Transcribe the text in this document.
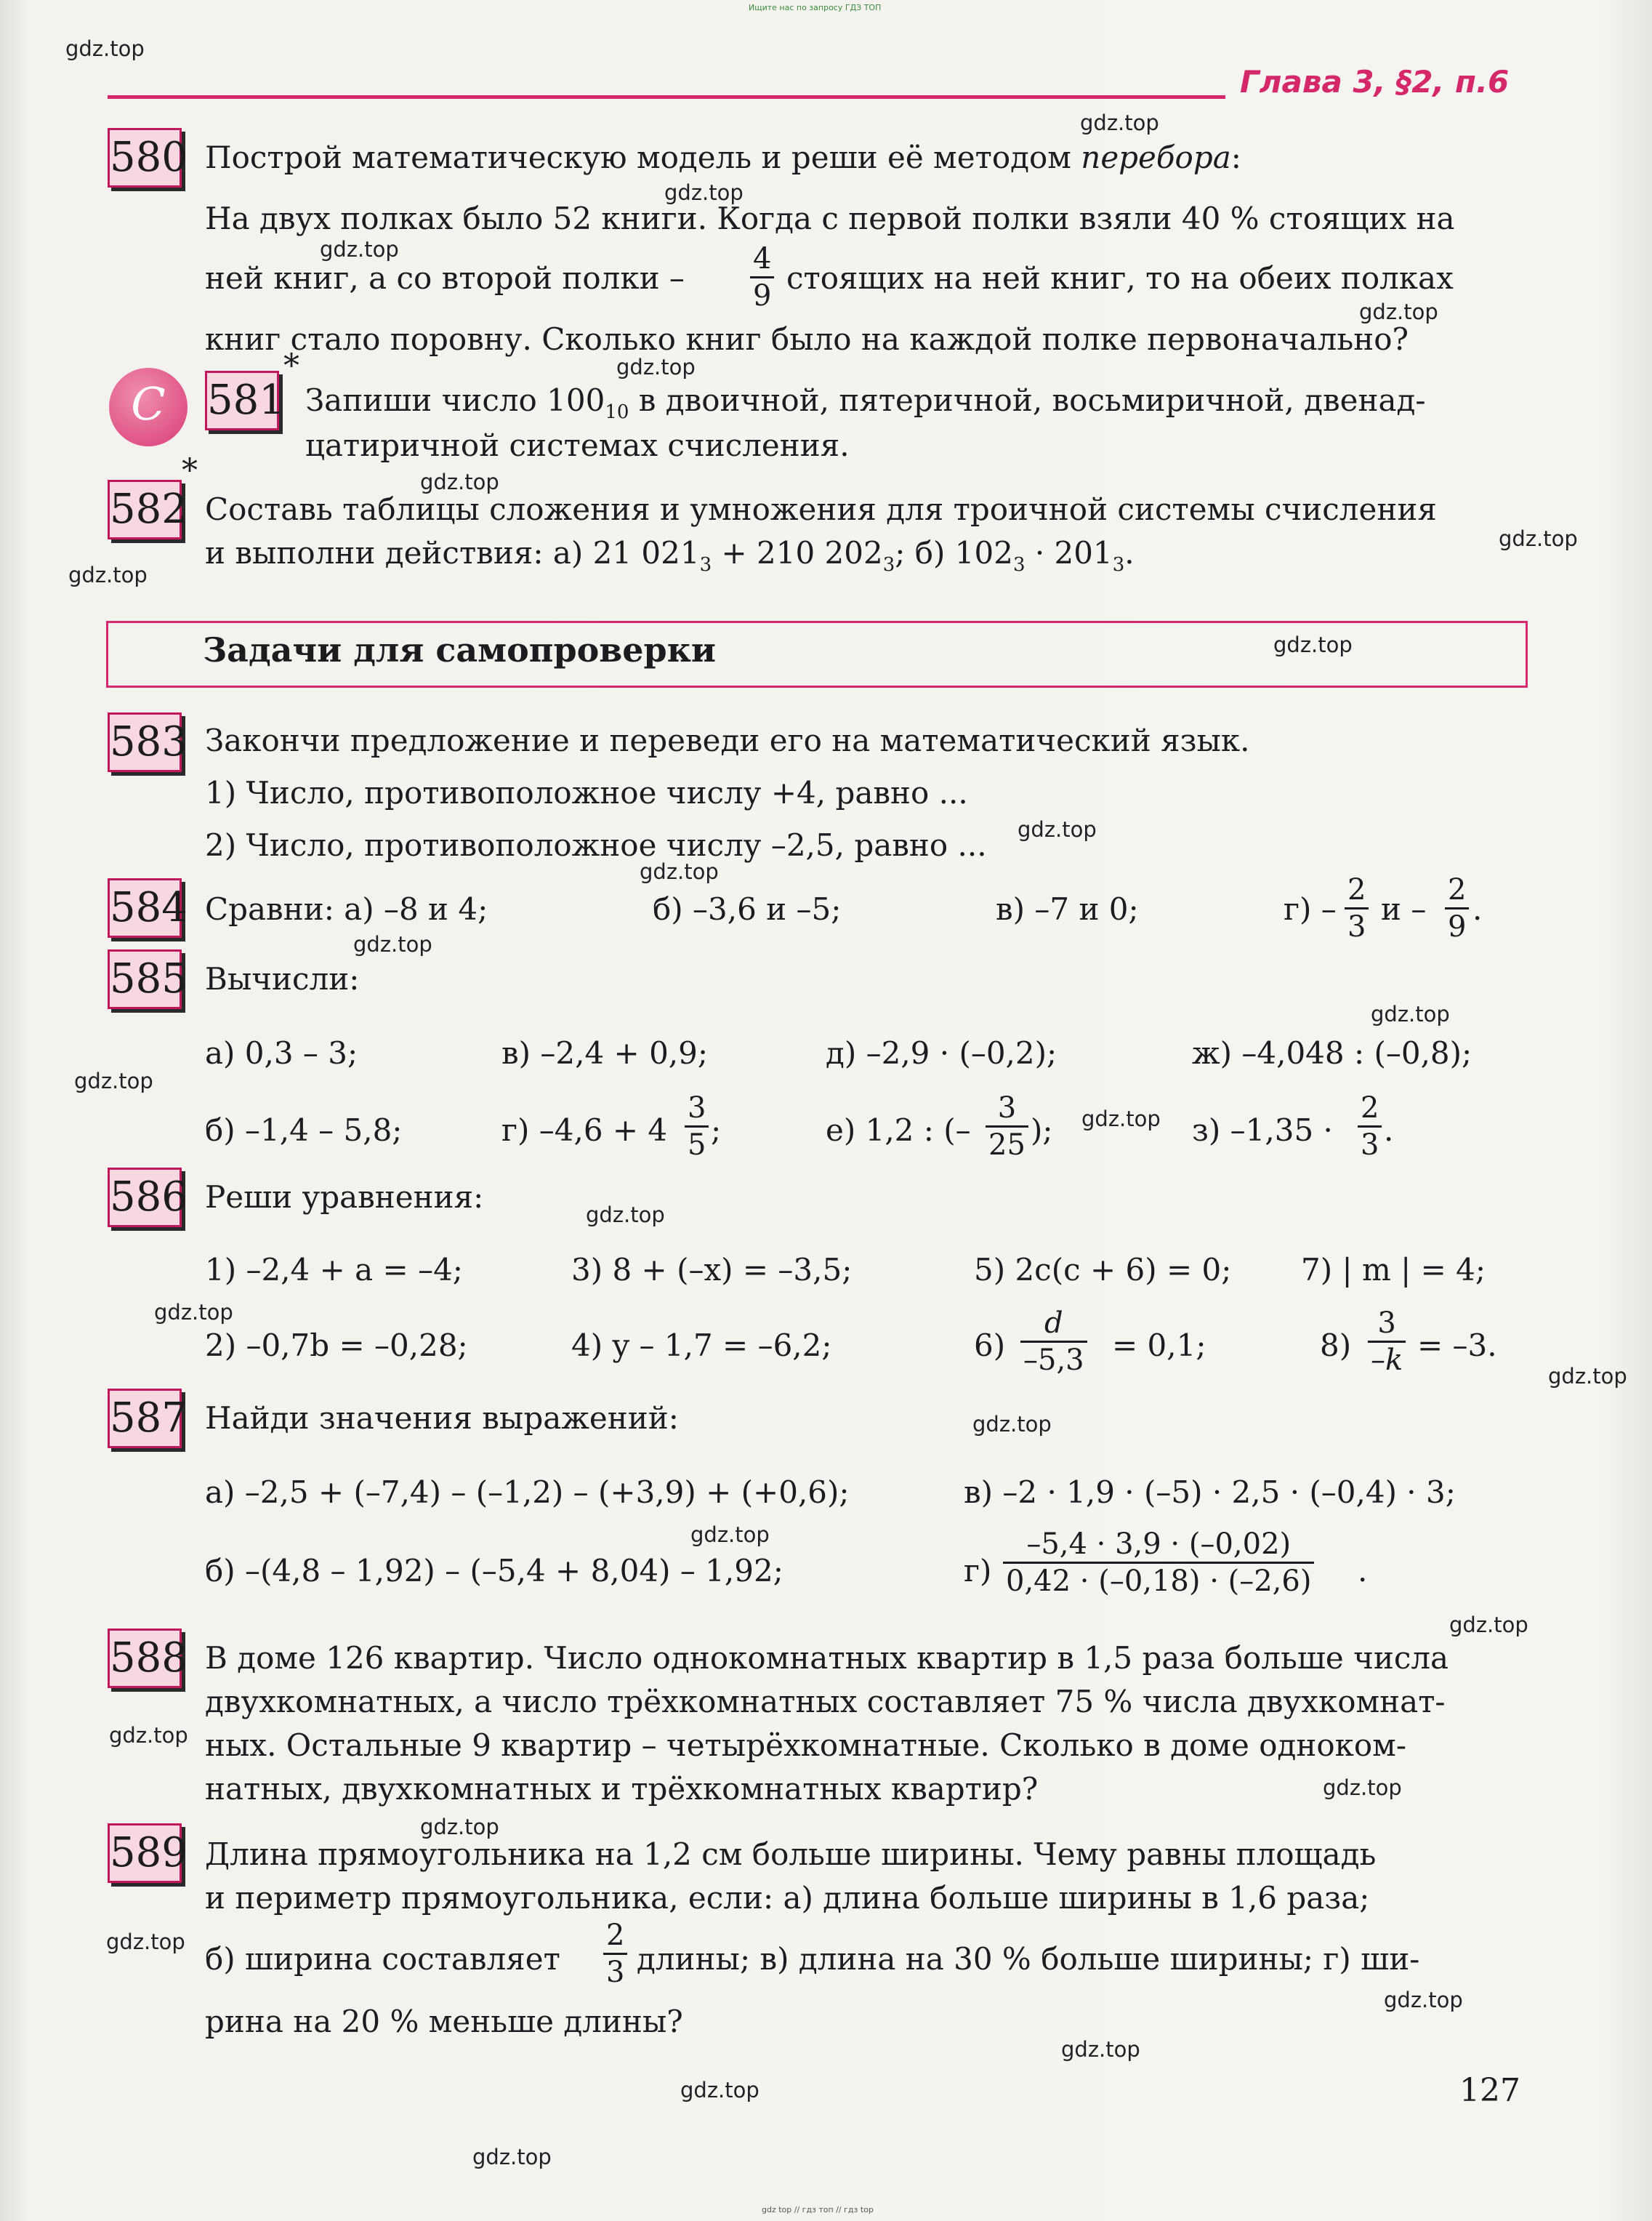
Ищите нас по запросу ГДЗ ТОП
gdz top // гдз топ // гдз top
Глава 3, §2, п.6
580 Построй математическую модель и реши её методом перебора:
На двух полках было 52 книги. Когда с первой полки взяли 40 % стоящих на
ней книг, а со второй полки –
4
9 стоящих на ней книг, то на обеих полках
книг стало поровну. Сколько книг было на каждой полке первоначально?
С	581
*
Запиши число $100_{10}$ в двоичной, пятеричной, восьмиричной, двенад-
цатиричной системах счисления.
582
*
Составь таблицы сложения и умножения для троичной системы счисления
и выполни действия: а) 21 $021_3 + 210$ $202_3$; б) $102_3 \cdot 201_3$.
Задачи для самопроверки
583 Закончи предложение и переведи его на математический язык.
1) Число, противоположное числу +4, равно ...
2) Число, противоположное числу –2,5, равно ...
584 Сравни: а) –8 и 4;	б) –3,6 и –5;	в) –7 и 0;	г) –
2
3 и –
2
9 .
585 Вычисли:
а) 0,3 – 3;	в) –2,4 + 0,9;	д) –2,9 · (–0,2);	ж) –4,048 : (–0,8);
б) –1,4 – 5,8;	г) –4,6 + 4
3
5 ;	е) 1,2 : (–
3
25 );	з) –1,35 ·
2
3 .
586 Реши уравнения:
1) –2,4 + a = –4;	3) 8 + (–x) = –3,5;	5) 2c(c + 6) = 0; 7) | m | = 4;
2) –0,7b = –0,28;	4) y – 1,7 = –6,2;	6)
d
–5,3 = 0,1;	8)
3
–k = –3.
587 Найди значения выражений:
а) –2,5 + (–7,4) – (–1,2) – (+3,9) + (+0,6);	в) –2 · 1,9 · (–5) · 2,5 · (–0,4) · 3;
б) –(4,8 – 1,92) – (–5,4 + 8,04) – 1,92;	г)
–5,4 · 3,9 · (–0,02)
0,42 · (–0,18) · (–2,6) .
588 В доме 126 квартир. Число однокомнатных квартир в 1,5 раза больше числа
двухкомнатных, а число трёхкомнатных составляет 75 % числа двухкомнат-
ных. Остальные 9 квартир – четырёхкомнатные. Сколько в доме одноком-
натных, двухкомнатных и трёхкомнатных квартир?
589 Длина прямоугольника на 1,2 см больше ширины. Чему равны площадь
и периметр прямоугольника, если: а) длина больше ширины в 1,6 раза;
б) ширина составляет
2
3 длины; в) длина на 30 % больше ширины; г) ши-
рина на 20 % меньше длины?
127
gdz.top
gdz.top
gdz.top
gdz.top
gdz.top
gdz.top
gdz.top
gdz.top
gdz.top
gdz.top
gdz.top
gdz.top
gdz.top
gdz.top
gdz.top
gdz.top
gdz.top
gdz.top
gdz.top
gdz.top
gdz.top
gdz.top
gdz.top
gdz.top
gdz.top
gdz.top
gdz.top
gdz.top
gdz.top
gdz.top
